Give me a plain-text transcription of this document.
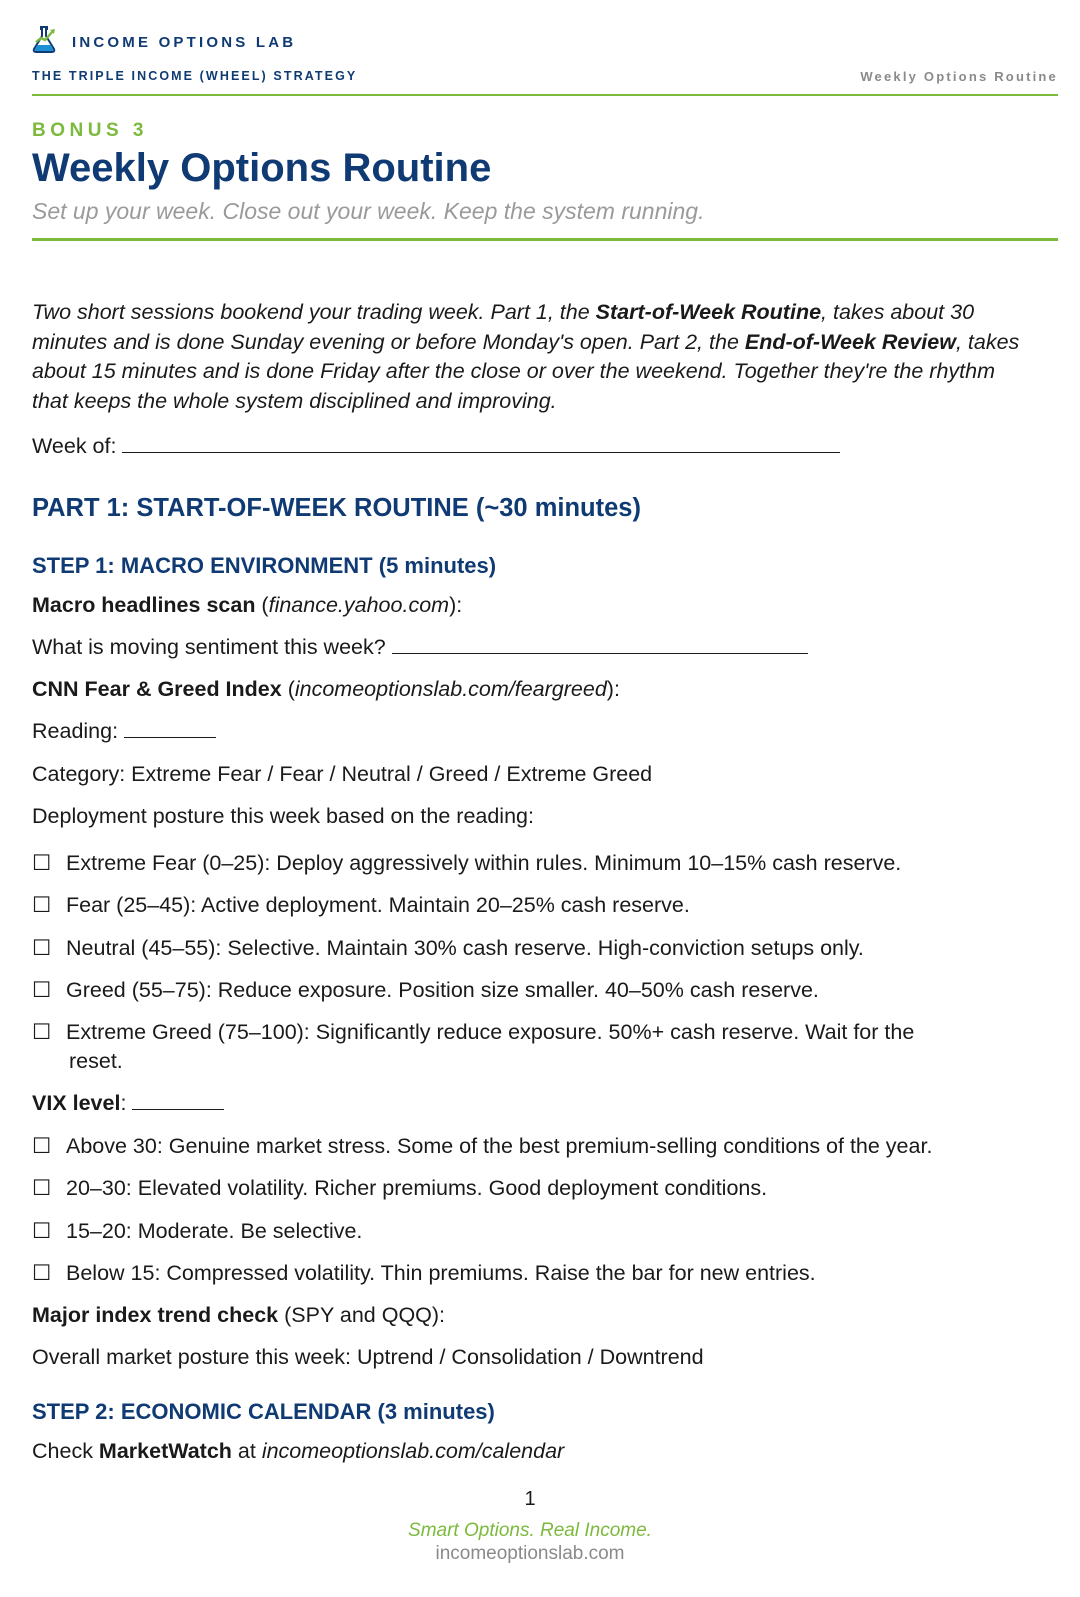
INCOME OPTIONS LAB
THE TRIPLE INCOME (WHEEL) STRATEGY	Weekly Options Routine
BONUS 3
Weekly Options Routine
Set up your week. Close out your week. Keep the system running.
Two short sessions bookend your trading week. Part 1, the Start-of-Week Routine, takes about 30 minutes and is done Sunday evening or before Monday's open. Part 2, the End-of-Week Review, takes about 15 minutes and is done Friday after the close or over the weekend. Together they're the rhythm that keeps the whole system disciplined and improving.
Week of:
PART 1: START-OF-WEEK ROUTINE (~30 minutes)
STEP 1: MACRO ENVIRONMENT (5 minutes)
Macro headlines scan (finance.yahoo.com):
What is moving sentiment this week?
CNN Fear & Greed Index (incomeoptionslab.com/feargreed):
Reading:
Category: Extreme Fear / Fear / Neutral / Greed / Extreme Greed
Deployment posture this week based on the reading:
☐ Extreme Fear (0–25): Deploy aggressively within rules. Minimum 10–15% cash reserve.
☐ Fear (25–45): Active deployment. Maintain 20–25% cash reserve.
☐ Neutral (45–55): Selective. Maintain 30% cash reserve. High-conviction setups only.
☐ Greed (55–75): Reduce exposure. Position size smaller. 40–50% cash reserve.
☐ Extreme Greed (75–100): Significantly reduce exposure. 50%+ cash reserve. Wait for the
reset.
VIX level:
☐ Above 30: Genuine market stress. Some of the best premium-selling conditions of the year.
☐ 20–30: Elevated volatility. Richer premiums. Good deployment conditions.
☐ 15–20: Moderate. Be selective.
☐ Below 15: Compressed volatility. Thin premiums. Raise the bar for new entries.
Major index trend check (SPY and QQQ):
Overall market posture this week: Uptrend / Consolidation / Downtrend
STEP 2: ECONOMIC CALENDAR (3 minutes)
Check MarketWatch at incomeoptionslab.com/calendar
1
Smart Options. Real Income.
incomeoptionslab.com
